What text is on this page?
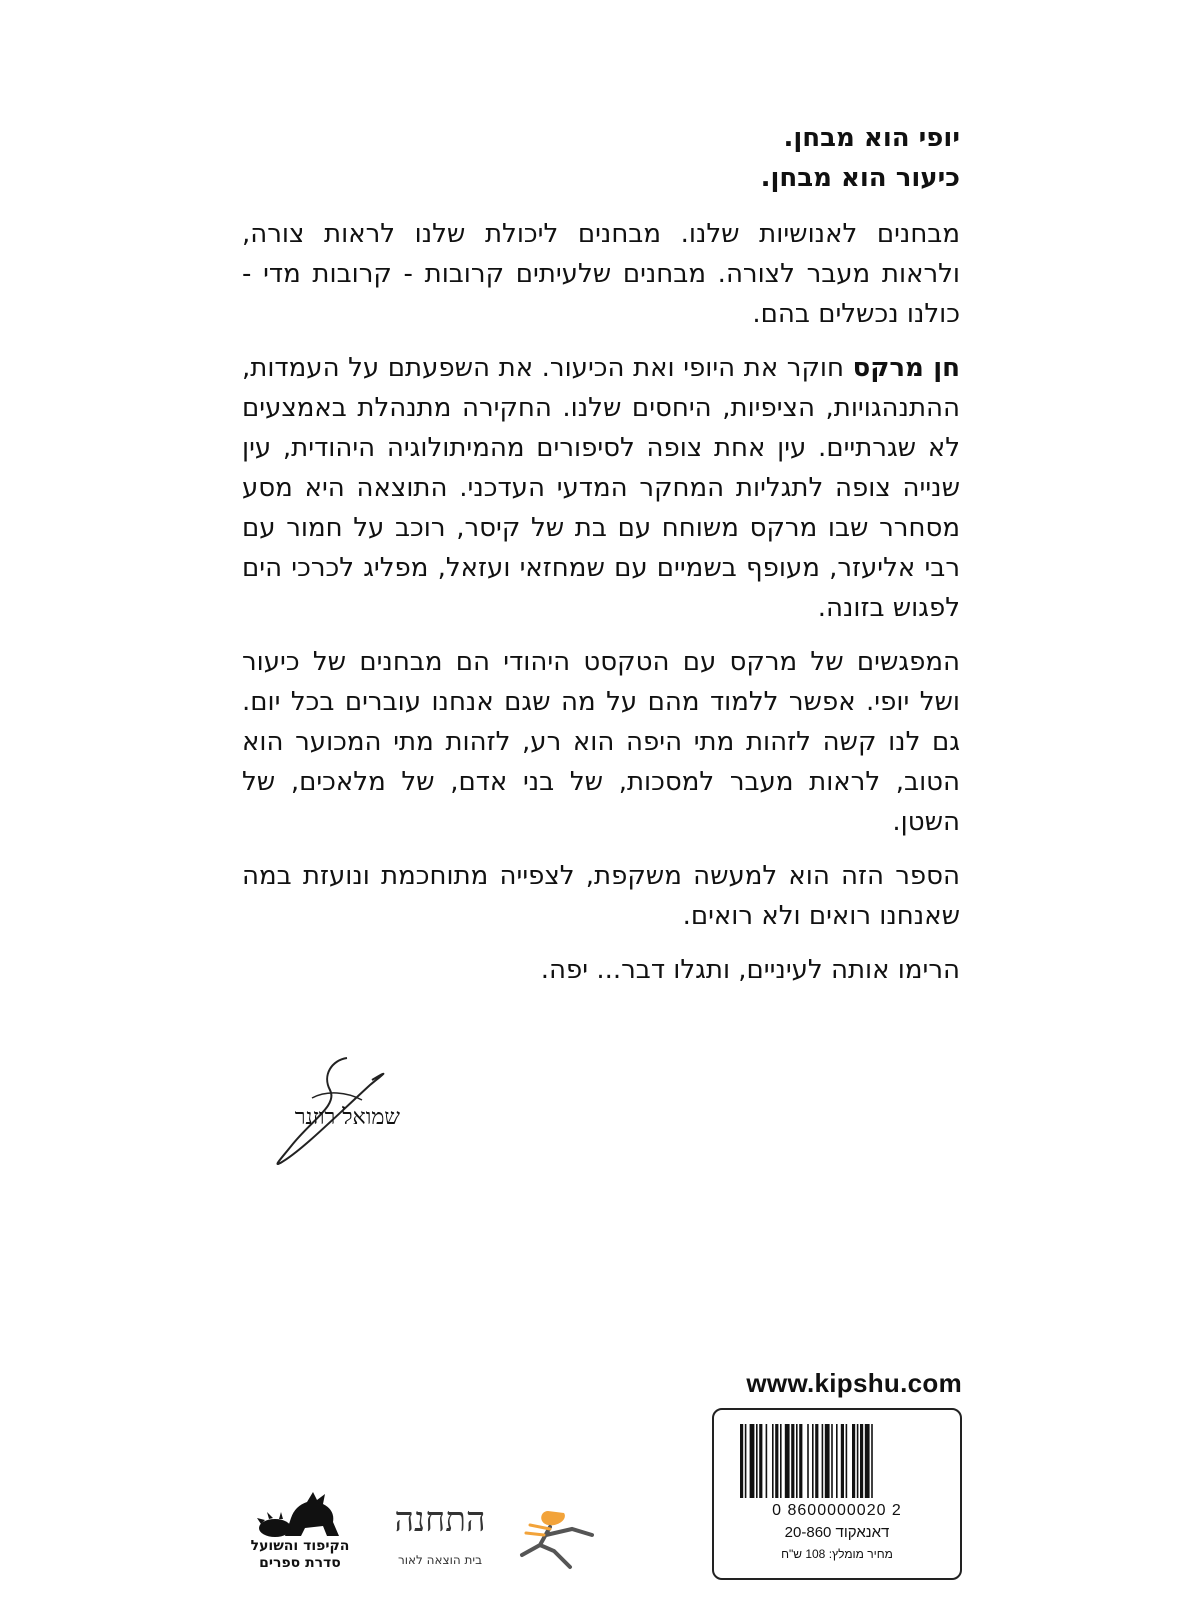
יופי הוא מבחן.

כיעור הוא מבחן.

מבחנים לאנושיות שלנו. מבחנים ליכולת שלנו לראות צורה, ולראות מעבר לצורה. מבחנים שלעיתים קרובות - קרובות מדי - כולנו נכשלים בהם.

חן מרקס חוקר את היופי ואת הכיעור. את השפעתם על העמדות, ההתנהגויות, הציפיות, היחסים שלנו. החקירה מתנהלת באמצעים לא שגרתיים. עין אחת צופה לסיפורים מהמיתולוגיה היהודית, עין שנייה צופה לתגליות המחקר המדעי העדכני. התוצאה היא מסע מסחרר שבו מרקס משוחח עם בת של קיסר, רוכב על חמור עם רבי אליעזר, מעופף בשמיים עם שמחזאי ועזאל, מפליג לכרכי הים לפגוש בזונה.

המפגשים של מרקס עם הטקסט היהודי הם מבחנים של כיעור ושל יופי. אפשר ללמוד מהם על מה שגם אנחנו עוברים בכל יום. גם לנו קשה לזהות מתי היפה הוא רע, לזהות מתי המכוער הוא הטוב, לראות מעבר למסכות, של בני אדם, של מלאכים, של השטן.

הספר הזה הוא למעשה משקפת, לצפייה מתוחכמת ונועזת במה שאנחנו רואים ולא רואים.

הרימו אותה לעיניים, ותגלו דבר... יפה.

שמואל רוזנר
www.kipshu.com
0 8600000020 2
דאנאקוד 20-860
מחיר מומלץ: 108 ש"ח
הקיפוד והשועל
סדרת ספרים
התחנה
בית הוצאה לאור
